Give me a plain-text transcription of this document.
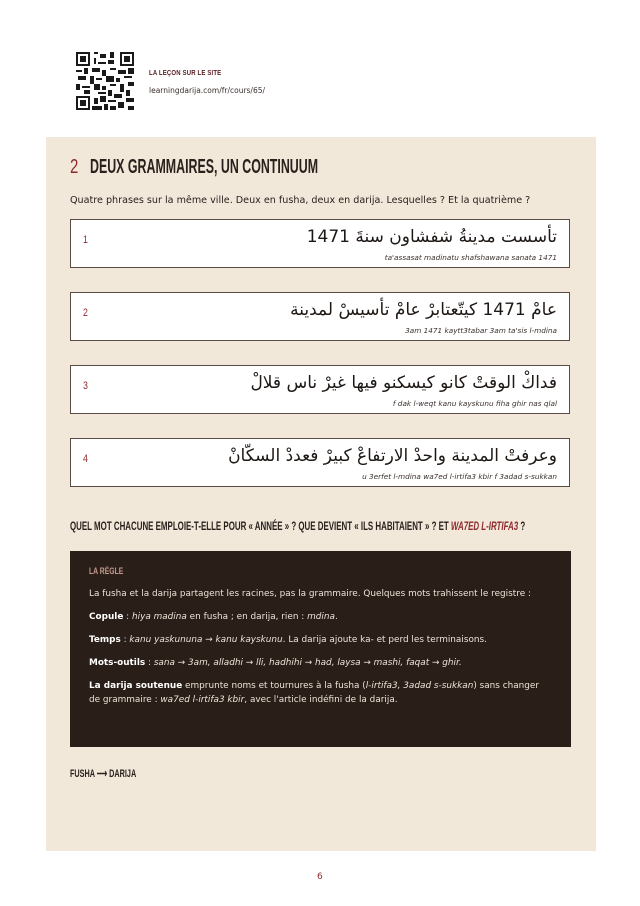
LA LEÇON SUR LE SITE
learningdarija.com/fr/cours/65/
2 DEUX GRAMMAIRES, UN CONTINUUM
Quatre phrases sur la même ville. Deux en fusha, deux en darija. Lesquelles ? Et la quatrième ?
1	تأسست مدينةُ شفشاون سنةَ 1471
ta'assasat madinatu shafshawana sanata 1471
2	عامْ 1471 كيتّعتابرْ عامْ تأسيسْ لمدينة
3am 1471 kaytt3tabar 3am ta'sis l-mdina
3	فداكْ الوقتْ كانو كيسكنو فيها غيرْ ناس قلالْ
f dak l-weqt kanu kayskunu fiha ghir nas qlal
4	وعرفتْ المدينة واحدْ الارتفاعْ كبيرْ فعددْ السكّانْ
u 3erfet l-mdina wa7ed l-irtifa3 kbir f 3adad s-sukkan
QUEL MOT CHACUNE EMPLOIE-T-ELLE POUR « ANNÉE » ? QUE DEVIENT « ILS HABITAIENT » ? ET WA7ED L-IRTIFA3 ?
LA RÈGLE

La fusha et la darija partagent les racines, pas la grammaire. Quelques mots trahissent le registre :

Copule : hiya madina en fusha ; en darija, rien : mdina.

Temps : kanu yaskununa → kanu kayskunu. La darija ajoute ka- et perd les terminaisons.

Mots-outils : sana → 3am, alladhi → lli, hadhihi → had, laysa → mashi, faqat → ghir.

La darija soutenue emprunte noms et tournures à la fusha (l-irtifa3, 3adad s-sukkan) sans changer de grammaire : wa7ed l-irtifa3 kbir, avec l'article indéfini de la darija.

FUSHA ⟶ DARIJA
6
